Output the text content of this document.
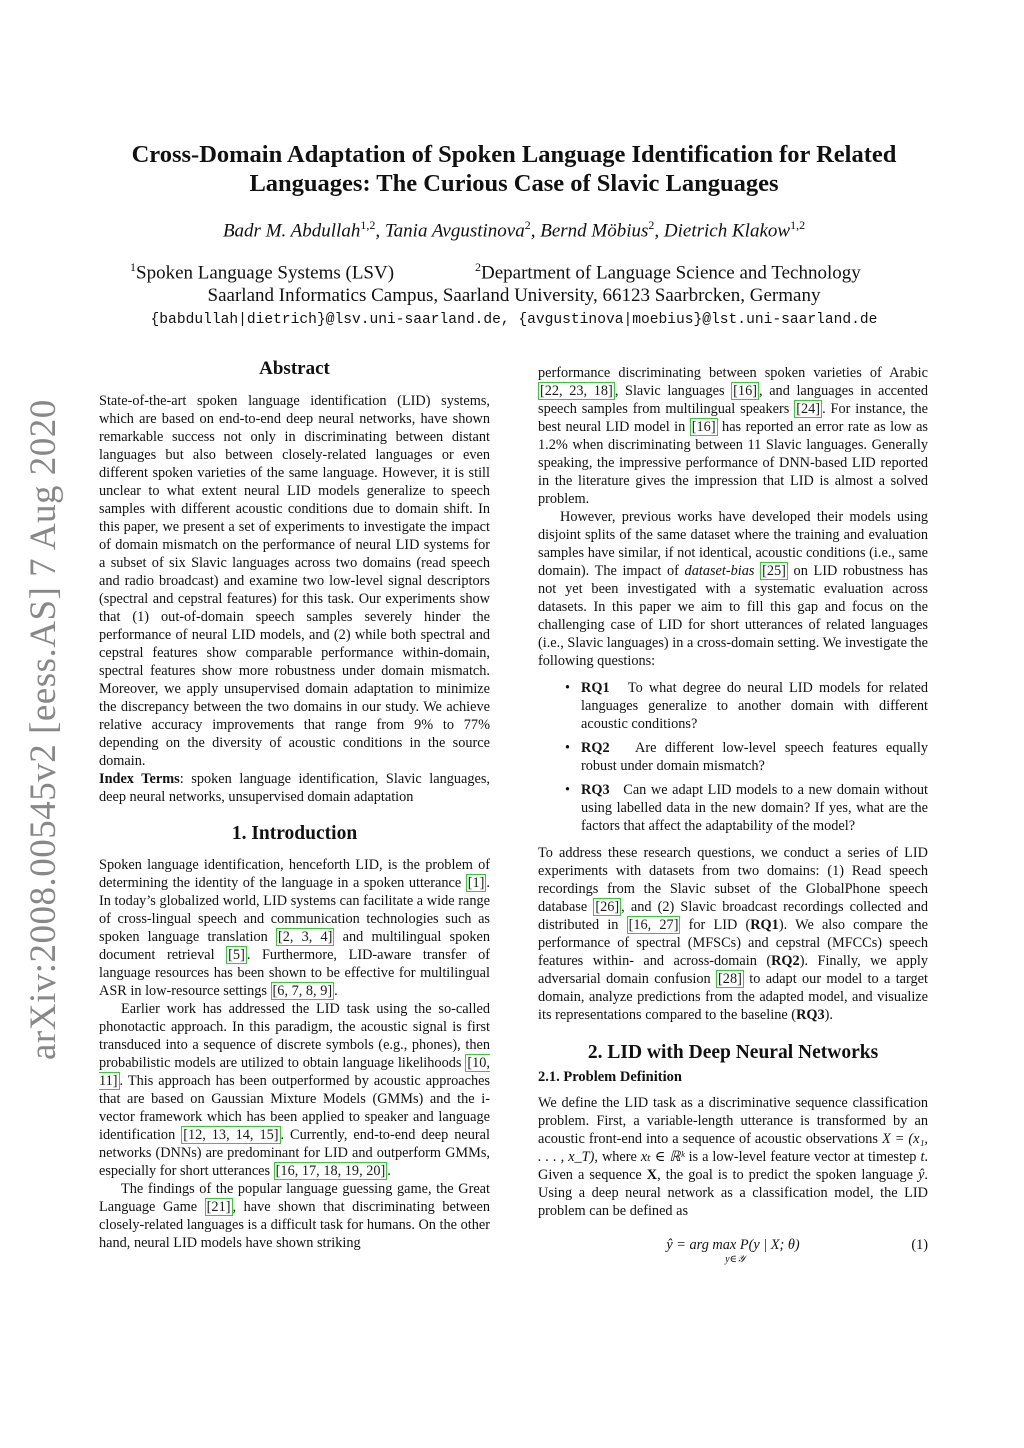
arXiv:2008.00545v2 [eess.AS] 7 Aug 2020
Cross-Domain Adaptation of Spoken Language Identification for Related
Languages: The Curious Case of Slavic Languages
Badr M. Abdullah$^{1,2}$, Tania Avgustinova$^2$, Bernd Möbius$^2$, Dietrich Klakow$^{1,2}$
$^1$Spoken Language Systems (LSV)	$^2$Department of Language Science and Technology
Saarland Informatics Campus, Saarland University, 66123 Saarbrcken, Germany
{babdullah|dietrich}@lsv.uni-saarland.de, {avgustinova|moebius}@lst.uni-saarland.de
Abstract

State-of-the-art spoken language identification (LID) systems, which are based on end-to-end deep neural networks, have shown remarkable success not only in discriminating between distant languages but also between closely-related languages or even different spoken varieties of the same language. However, it is still unclear to what extent neural LID models generalize to speech samples with different acoustic conditions due to domain shift. In this paper, we present a set of experiments to investigate the impact of domain mismatch on the performance of neural LID systems for a subset of six Slavic languages across two domains (read speech and radio broadcast) and examine two low-level signal descriptors (spectral and cepstral features) for this task. Our experiments show that (1) out-of-domain speech samples severely hinder the performance of neural LID models, and (2) while both spectral and cepstral features show comparable performance within-domain, spectral features show more robustness under domain mismatch. Moreover, we apply unsupervised domain adaptation to minimize the discrepancy between the two domains in our study. We achieve relative accuracy improvements that range from 9% to 77% depending on the diversity of acoustic conditions in the source domain.

Index Terms: spoken language identification, Slavic languages, deep neural networks, unsupervised domain adaptation

1. Introduction

Spoken language identification, henceforth LID, is the problem of determining the identity of the language in a spoken utterance [1] . In today’s globalized world, LID systems can facilitate a wide range of cross-lingual speech and communication technologies such as spoken language translation [2, 3, 4] and multilingual spoken document retrieval [5] . Furthermore, LID-aware transfer of language resources has been shown to be effective for multilingual ASR in low-resource settings [6, 7, 8, 9] .

Earlier work has addressed the LID task using the so-called phonotactic approach. In this paradigm, the acoustic signal is first transduced into a sequence of discrete symbols (e.g., phones), then probabilistic models are utilized to obtain language likelihoods [10, 11] . This approach has been outperformed by acoustic approaches that are based on Gaussian Mixture Models (GMMs) and the i-vector framework which has been applied to speaker and language identification [12, 13, 14, 15] . Currently, end-to-end deep neural networks (DNNs) are predominant for LID and outperform GMMs, especially for short utterances [16, 17, 18, 19, 20] .

The findings of the popular language guessing game, the Great Language Game [21] , have shown that discriminating between closely-related languages is a difficult task for humans. On the other hand, neural LID models have shown striking

performance discriminating between spoken varieties of Arabic [22, 23, 18] , Slavic languages [16] , and languages in accented speech samples from multilingual speakers [24] . For instance, the best neural LID model in [16] has reported an error rate as low as 1.2% when discriminating between 11 Slavic languages. Generally speaking, the impressive performance of DNN-based LID reported in the literature gives the impression that LID is almost a solved problem.

However, previous works have developed their models using disjoint splits of the same dataset where the training and evaluation samples have similar, if not identical, acoustic conditions (i.e., same domain). The impact of dataset-bias [25] on LID robustness has not yet been investigated with a systematic evaluation across datasets. In this paper we aim to fill this gap and focus on the challenging case of LID for short utterances of related languages (i.e., Slavic languages) in a cross-domain setting. We investigate the following questions:

• RQ1 To what degree do neural LID models for related languages generalize to another domain with different acoustic conditions?

• RQ2 Are different low-level speech features equally robust under domain mismatch?

• RQ3 Can we adapt LID models to a new domain without using labelled data in the new domain? If yes, what are the factors that affect the adaptability of the model?

To address these research questions, we conduct a series of LID experiments with datasets from two domains: (1) Read speech recordings from the Slavic subset of the GlobalPhone speech database [26] , and (2) Slavic broadcast recordings collected and distributed in [16, 27] for LID (RQ1). We also compare the performance of spectral (MFSCs) and cepstral (MFCCs) speech features within- and across-domain (RQ2). Finally, we apply adversarial domain confusion [28] to adapt our model to a target domain, analyze predictions from the adapted model, and visualize its representations compared to the baseline (RQ3).

2. LID with Deep Neural Networks
2.1. Problem Definition

We define the LID task as a discriminative sequence classification problem. First, a variable-length utterance is transformed by an acoustic front-end into a sequence of acoustic observations X = (x₁, . . . , x_T), where xₜ ∈ ℝᵏ is a low-level feature vector at timestep t. Given a sequence X, the goal is to predict the spoken language ŷ. Using a deep neural network as a classification model, the LID problem can be defined as

ŷ = arg max P(y | X; θ)
y∈𝒴
(1)
